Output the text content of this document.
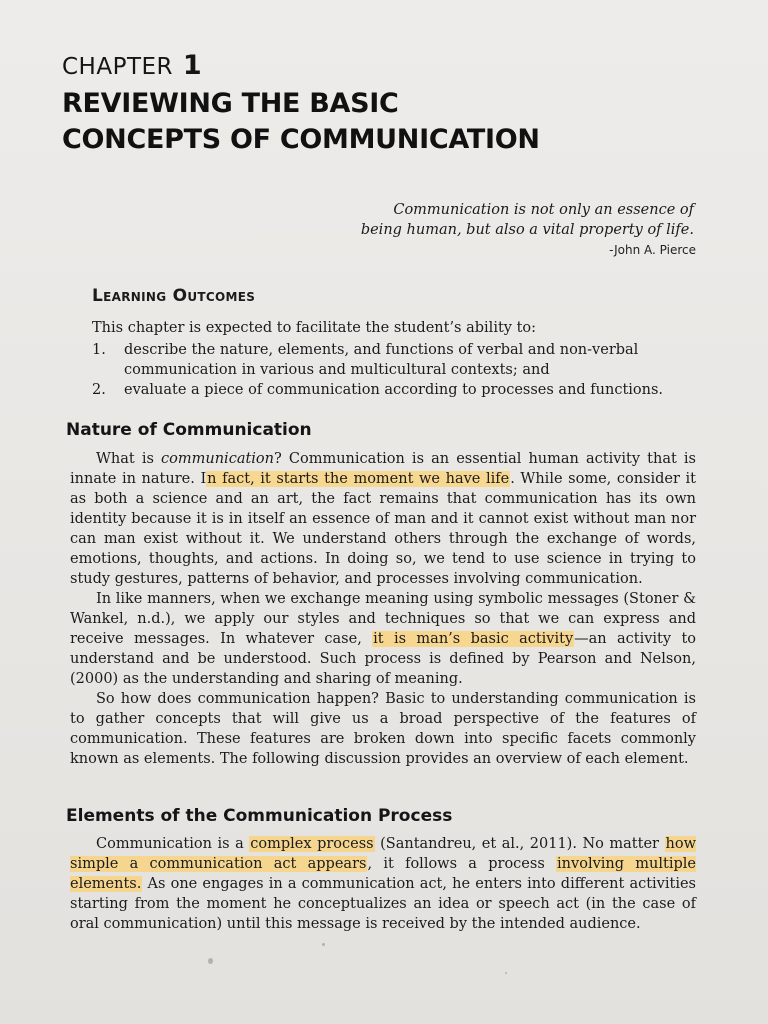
CHAPTER 1
REVIEWING THE BASIC
CONCEPTS OF COMMUNICATION
Communication is not only an essence of
being human, but also a vital property of life.
-John A. Pierce
Learning Outcomes
This chapter is expected to facilitate the student’s ability to:
1.	describe the nature, elements, and functions of verbal and non-verbal communication in various and multicultural contexts; and
2.	evaluate a piece of communication according to processes and functions.
Nature of Communication

What is communication? Communication is an essential human activity that is innate in nature. In fact, it starts the moment we have life. While some, consider it as both a science and an art, the fact remains that communication has its own identity because it is in itself an essence of man and it cannot exist without man nor can man exist without it. We understand others through the exchange of words, emotions, thoughts, and actions. In doing so, we tend to use science in trying to study gestures, patterns of behavior, and processes involving communication.

In like manners, when we exchange meaning using symbolic messages (Stoner & Wankel, n.d.), we apply our styles and techniques so that we can express and receive messages. In whatever case, it is man’s basic activity—an activity to understand and be understood. Such process is defined by Pearson and Nelson, (2000) as the understanding and sharing of meaning.

So how does communication happen? Basic to understanding communication is to gather concepts that will give us a broad perspective of the features of communication. These features are broken down into specific facets commonly known as elements. The following discussion provides an overview of each element.

Elements of the Communication Process

Communication is a complex process (Santandreu, et al., 2011). No matter how simple a communication act appears, it follows a process involving multiple elements. As one engages in a communication act, he enters into different activities starting from the moment he conceptualizes an idea or speech act (in the case of oral communication) until this message is received by the intended audience.
